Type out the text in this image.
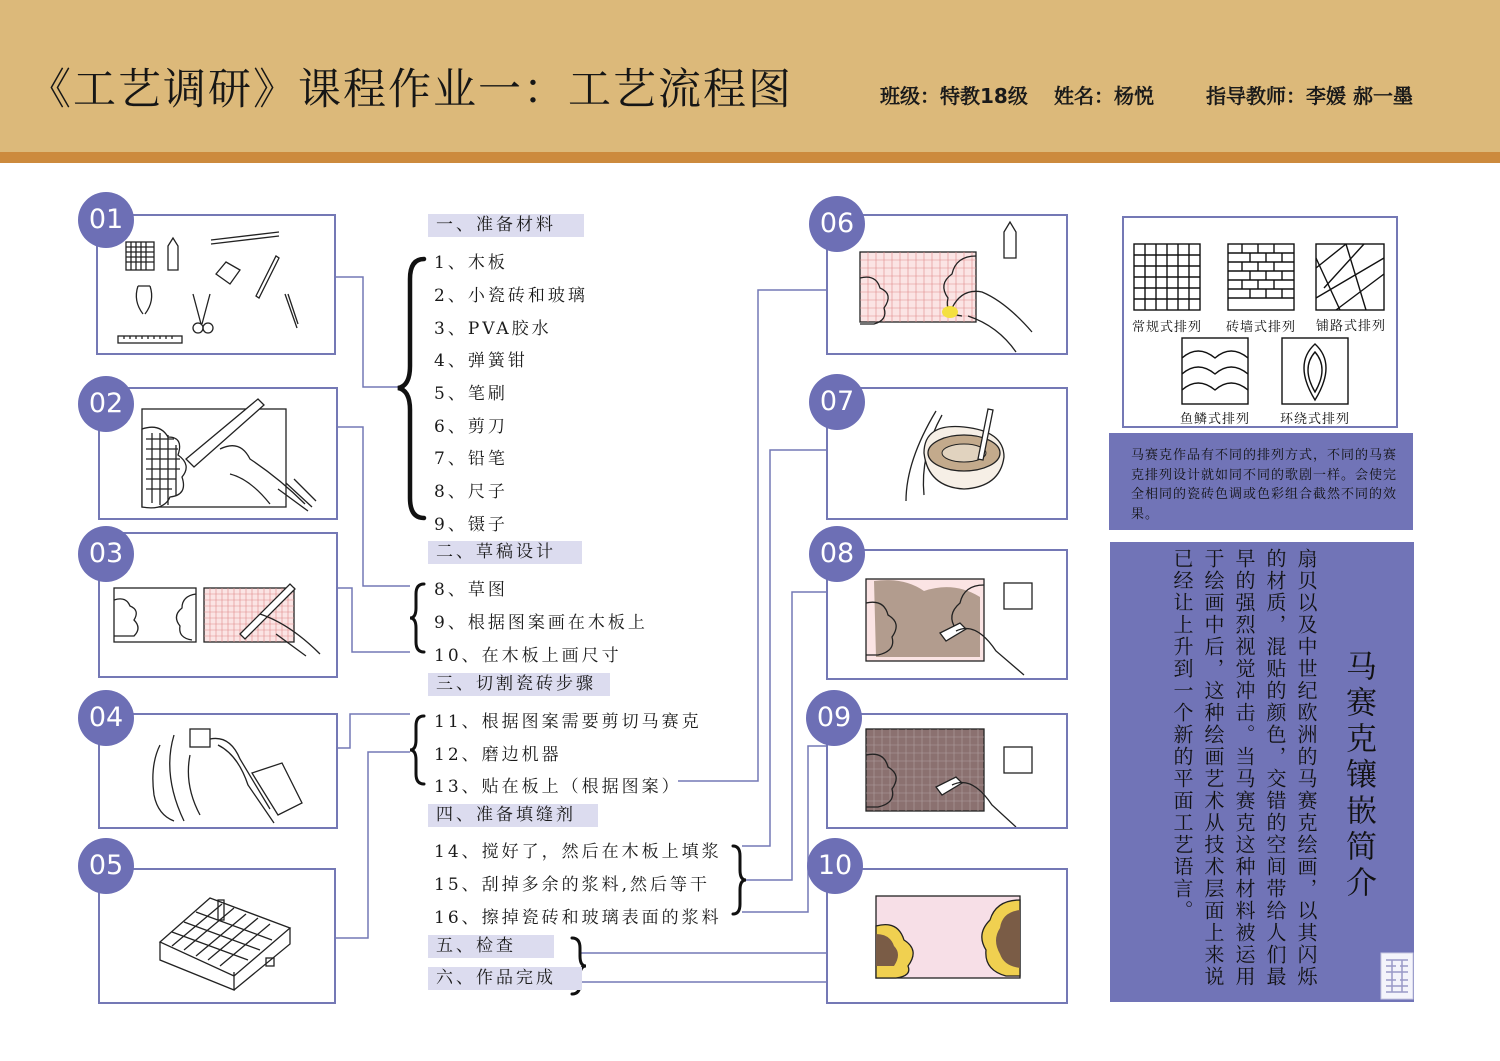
《工艺调研》课程作业一：工艺流程图	班级：特教18级 姓名：杨悦	指导教师：李媛 郝一墨
01
02
03
04
05
一、准备材料
1、木板
2、小瓷砖和玻璃
3、PVA胶水
4、弹簧钳
5、笔刷
6、剪刀
7、铅笔
8、尺子
9、镊子
二、草稿设计
8、草图
9、根据图案画在木板上
10、在木板上画尺寸
三、切割瓷砖步骤
11、根据图案需要剪切马赛克
12、磨边机器
13、贴在板上（根据图案）
四、准备填缝剂
14、搅好了，然后在木板上填浆
15、刮掉多余的浆料,然后等干
16、擦掉瓷砖和玻璃表面的浆料
五、检查
六、作品完成
06
07
08
09
10
常规式排列 砖墙式排列 铺路式排列
鱼鳞式排列 环绕式排列
马赛克作品有不同的排列方式，不同的马赛克排列设计就如同不同的歌剧一样。会使完全相同的瓷砖色调或色彩组合截然不同的效果。
马赛克镶嵌简介
扇贝以及中世纪欧洲的马赛克绘画，以其闪烁的材质，混贴的颜色，交错的空间带给人们最早的强烈视觉冲击。当马赛克这种材料被运用于绘画中后，这种绘画艺术从技术层面上来说已经让上升到一个新的平面工艺语言。
